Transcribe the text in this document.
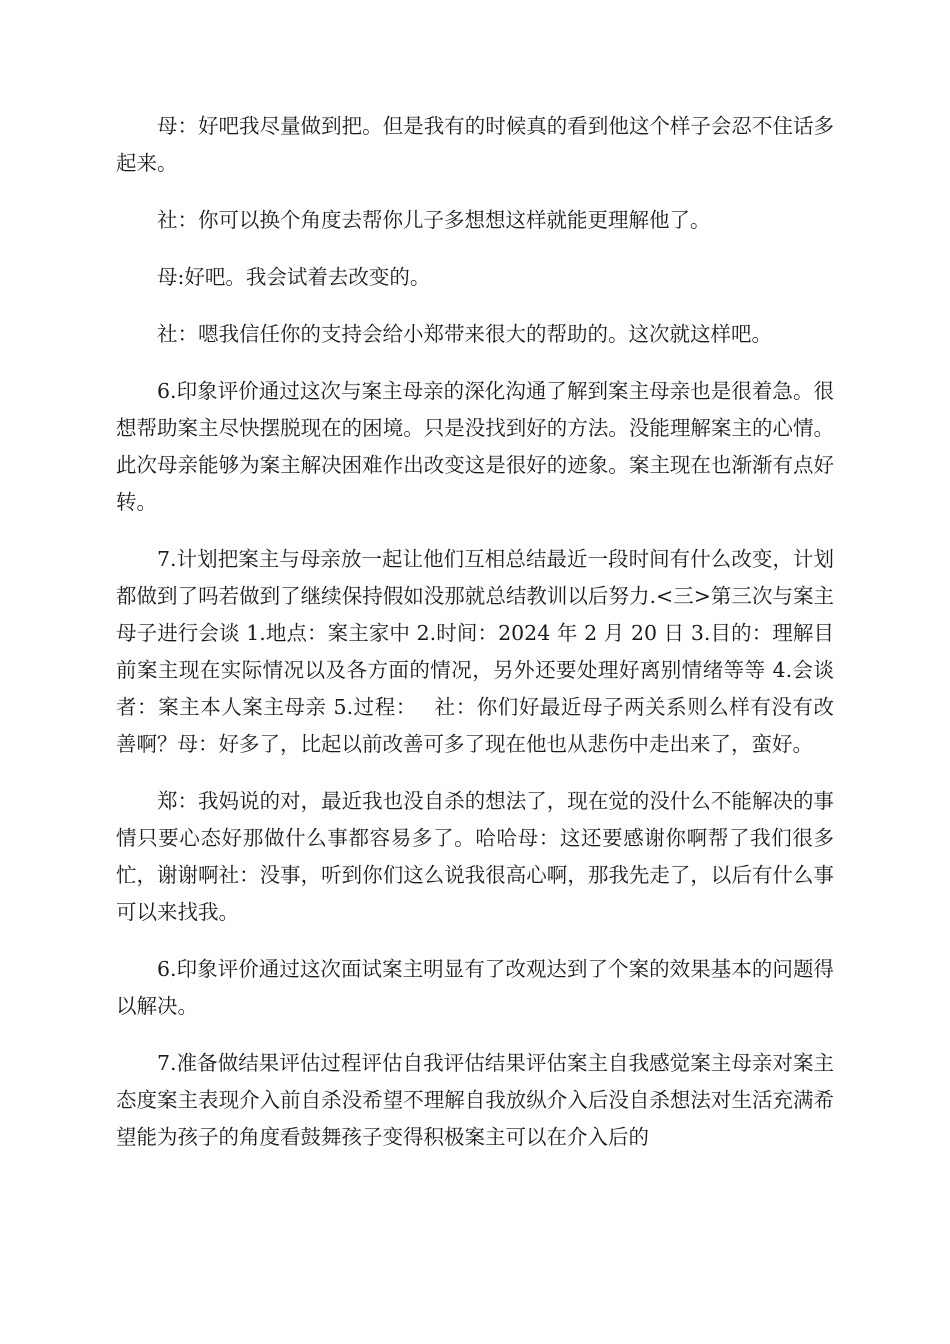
母：好吧我尽量做到把。但是我有的时候真的看到他这个样子会忍不住话多起来。

社：你可以换个角度去帮你儿子多想想这样就能更理解他了。

母:好吧。我会试着去改变的。

社：嗯我信任你的支持会给小郑带来很大的帮助的。这次就这样吧。

6.印象评价通过这次与案主母亲的深化沟通了解到案主母亲也是很着急。很想帮助案主尽快摆脱现在的困境。只是没找到好的方法。没能理解案主的心情。此次母亲能够为案主解决困难作出改变这是很好的迹象。案主现在也渐渐有点好转。

7.计划把案主与母亲放一起让他们互相总结最近一段时间有什么改变，计划都做到了吗若做到了继续保持假如没那就总结教训以后努力.<三>第三次与案主母子进行会谈 1.地点：案主家中 2.时间：2024 年 2 月 20 日 3.目的：理解目前案主现在实际情况以及各方面的情况，另外还要处理好离别情绪等等 4.会谈者：案主本人案主母亲 5.过程：　 社：你们好最近母子两关系则么样有没有改善啊？母：好多了，比起以前改善可多了现在他也从悲伤中走出来了，蛮好。

郑：我妈说的对，最近我也没自杀的想法了，现在觉的没什么不能解决的事情只要心态好那做什么事都容易多了。哈哈母：这还要感谢你啊帮了我们很多忙，谢谢啊社：没事，听到你们这么说我很高心啊，那我先走了，以后有什么事可以来找我。

6.印象评价通过这次面试案主明显有了改观达到了个案的效果基本的问题得以解决。

7.准备做结果评估过程评估自我评估结果评估案主自我感觉案主母亲对案主态度案主表现介入前自杀没希望不理解自我放纵介入后没自杀想法对生活充满希望能为孩子的角度看鼓舞孩子变得积极案主可以在介入后的
